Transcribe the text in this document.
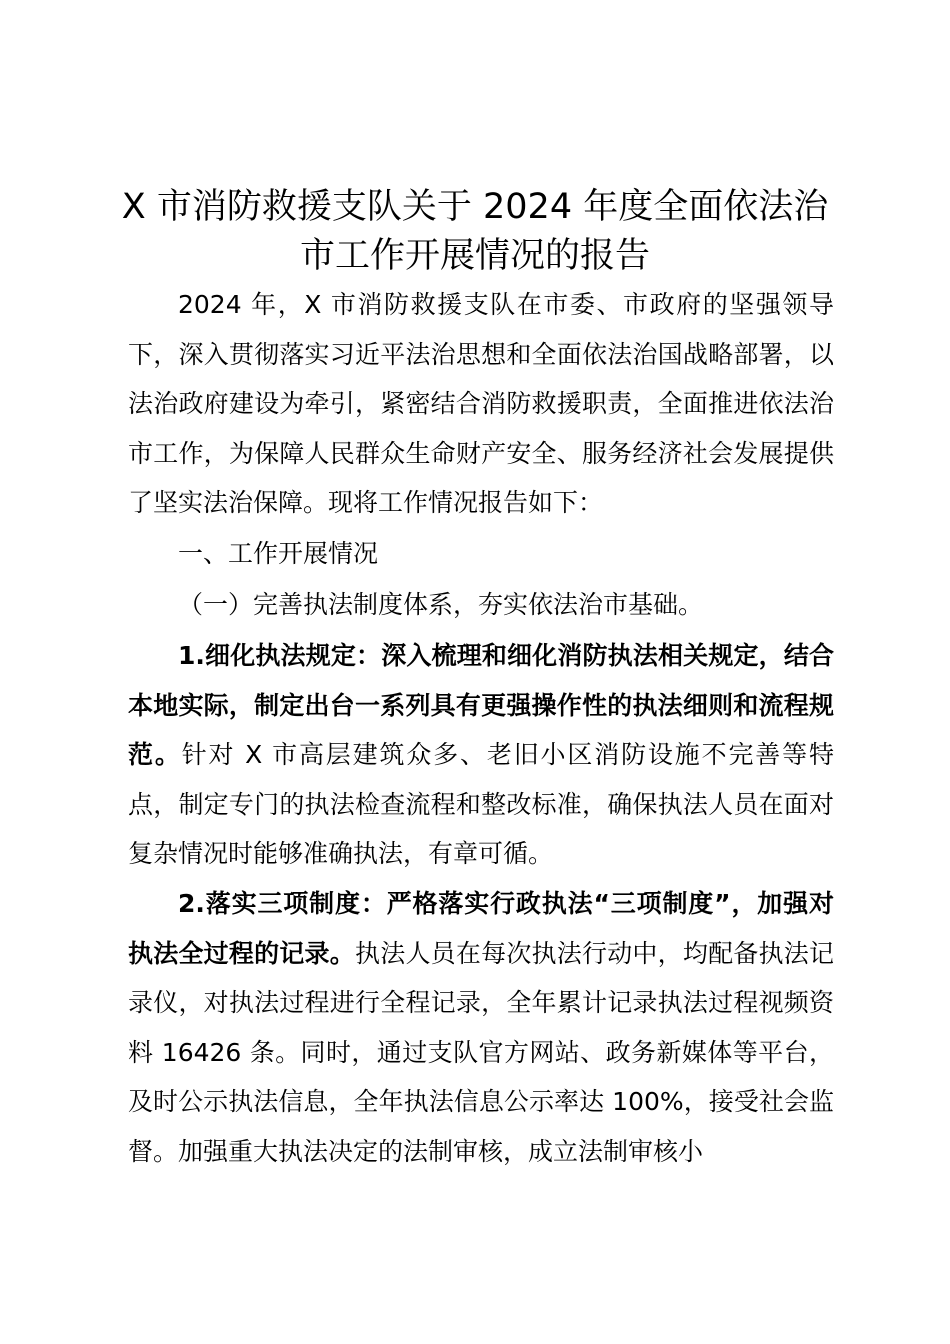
X 市消防救援支队关于 2024 年度全面依法治
市工作开展情况的报告

2024 年，X 市消防救援支队在市委、市政府的坚强领导下，深入贯彻落实习近平法治思想和全面依法治国战略部署，以法治政府建设为牵引，紧密结合消防救援职责，全面推进依法治市工作，为保障人民群众生命财产安全、服务经济社会发展提供了坚实法治保障。现将工作情况报告如下：

一、工作开展情况

（一）完善执法制度体系，夯实依法治市基础。

1.细化执法规定：深入梳理和细化消防执法相关规定，结合本地实际，制定出台一系列具有更强操作性的执法细则和流程规范。针对 X 市高层建筑众多、老旧小区消防设施不完善等特点，制定专门的执法检查流程和整改标准，确保执法人员在面对复杂情况时能够准确执法，有章可循。

2.落实三项制度：严格落实行政执法“三项制度”，加强对执法全过程的记录。执法人员在每次执法行动中，均配备执法记录仪，对执法过程进行全程记录，全年累计记录执法过程视频资料 16426 条。同时，通过支队官方网站、政务新媒体等平台，及时公示执法信息，全年执法信息公示率达 100%，接受社会监督。加强重大执法决定的法制审核，成立法制审核小
